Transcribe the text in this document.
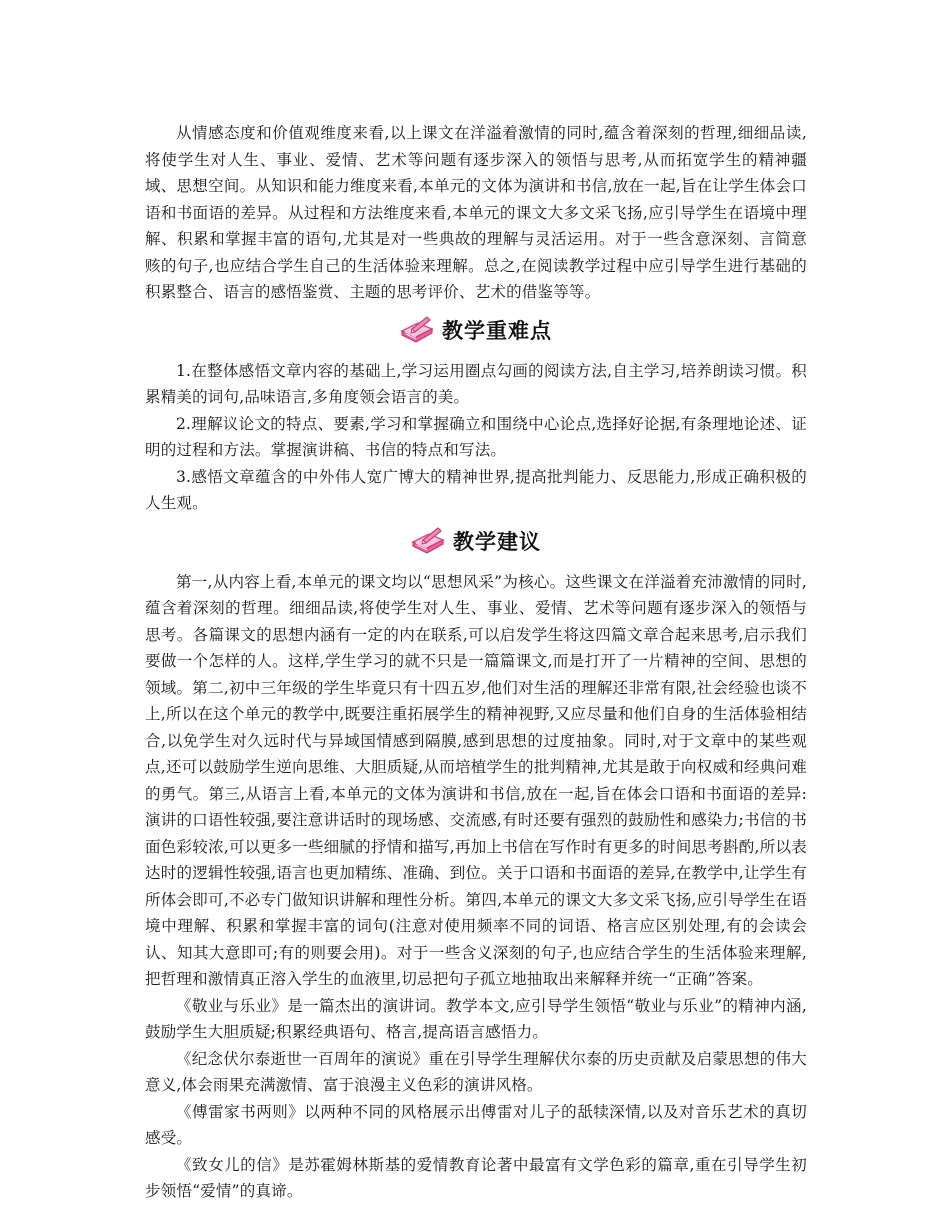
从情感态度和价值观维度来看,以上课文在洋溢着激情的同时,蕴含着深刻的哲理,细细品读,将使学生对人生、事业、爱情、艺术等问题有逐步深入的领悟与思考,从而拓宽学生的精神疆域、思想空间。从知识和能力维度来看,本单元的文体为演讲和书信,放在一起,旨在让学生体会口语和书面语的差异。从过程和方法维度来看,本单元的课文大多文采飞扬,应引导学生在语境中理解、积累和掌握丰富的语句,尤其是对一些典故的理解与灵活运用。对于一些含意深刻、言简意赅的句子,也应结合学生自己的生活体验来理解。总之,在阅读教学过程中应引导学生进行基础的积累整合、语言的感悟鉴赏、主题的思考评价、艺术的借鉴等等。

教学重难点

1.在整体感悟文章内容的基础上,学习运用圈点勾画的阅读方法,自主学习,培养朗读习惯。积累精美的词句,品味语言,多角度领会语言的美。

2.理解议论文的特点、要素,学习和掌握确立和围绕中心论点,选择好论据,有条理地论述、证明的过程和方法。掌握演讲稿、书信的特点和写法。

3.感悟文章蕴含的中外伟人宽广博大的精神世界,提高批判能力、反思能力,形成正确积极的人生观。

教学建议

第一,从内容上看,本单元的课文均以“思想风采”为核心。这些课文在洋溢着充沛激情的同时,蕴含着深刻的哲理。细细品读,将使学生对人生、事业、爱情、艺术等问题有逐步深入的领悟与思考。各篇课文的思想内涵有一定的内在联系,可以启发学生将这四篇文章合起来思考,启示我们要做一个怎样的人。这样,学生学习的就不只是一篇篇课文,而是打开了一片精神的空间、思想的领域。第二,初中三年级的学生毕竟只有十四五岁,他们对生活的理解还非常有限,社会经验也谈不上,所以在这个单元的教学中,既要注重拓展学生的精神视野,又应尽量和他们自身的生活体验相结合,以免学生对久远时代与异域国情感到隔膜,感到思想的过度抽象。同时,对于文章中的某些观点,还可以鼓励学生逆向思维、大胆质疑,从而培植学生的批判精神,尤其是敢于向权威和经典问难的勇气。第三,从语言上看,本单元的文体为演讲和书信,放在一起,旨在体会口语和书面语的差异:演讲的口语性较强,要注意讲话时的现场感、交流感,有时还要有强烈的鼓励性和感染力;书信的书面色彩较浓,可以更多一些细腻的抒情和描写,再加上书信在写作时有更多的时间思考斟酌,所以表达时的逻辑性较强,语言也更加精练、准确、到位。关于口语和书面语的差异,在教学中,让学生有所体会即可,不必专门做知识讲解和理性分析。第四,本单元的课文大多文采飞扬,应引导学生在语境中理解、积累和掌握丰富的词句(注意对使用频率不同的词语、格言应区别处理,有的会读会认、知其大意即可;有的则要会用)。对于一些含义深刻的句子,也应结合学生的生活体验来理解,把哲理和激情真正溶入学生的血液里,切忌把句子孤立地抽取出来解释并统一“正确”答案。

《敬业与乐业》是一篇杰出的演讲词。教学本文,应引导学生领悟“敬业与乐业”的精神内涵,鼓励学生大胆质疑;积累经典语句、格言,提高语言感悟力。

《纪念伏尔泰逝世一百周年的演说》重在引导学生理解伏尔泰的历史贡献及启蒙思想的伟大意义,体会雨果充满激情、富于浪漫主义色彩的演讲风格。

《傅雷家书两则》以两种不同的风格展示出傅雷对儿子的舐犊深情,以及对音乐艺术的真切感受。

《致女儿的信》是苏霍姆林斯基的爱情教育论著中最富有文学色彩的篇章,重在引导学生初步领悟“爱情”的真谛。
